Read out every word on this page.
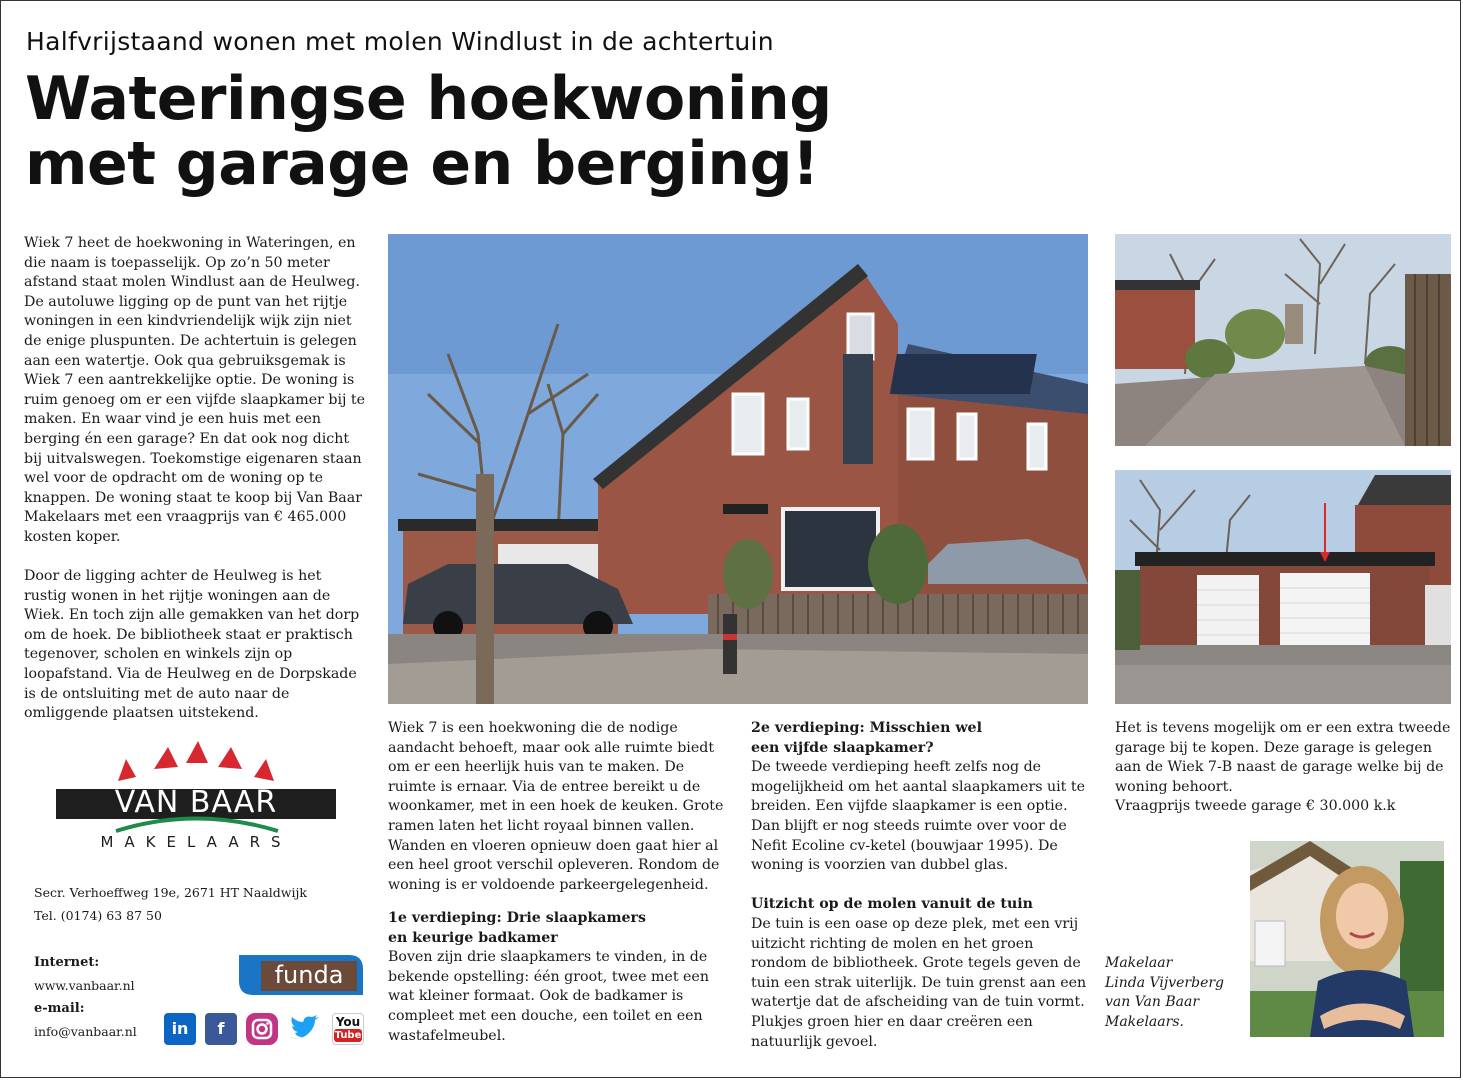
Halfvrijstaand wonen met molen Windlust in de achtertuin
Wateringse hoekwoning
met garage en berging!

Wiek 7 heet de hoekwoning in Wateringen, en die naam is toepasselijk. Op zo’n 50 meter afstand staat molen Windlust aan de Heulweg. De autoluwe ligging op de punt van het rijtje woningen in een kindvriendelijk wijk zijn niet de enige pluspunten. De achtertuin is gelegen aan een watertje. Ook qua gebruiksgemak is Wiek 7 een aantrekkelijke optie. De woning is ruim genoeg om er een vijfde slaapkamer bij te maken. En waar vind je een huis met een berging én een garage? En dat ook nog dicht bij uitvalswegen. Toekomstige eigenaren staan wel voor de opdracht om de woning op te knappen. De woning staat te koop bij Van Baar Makelaars met een vraagprijs van € 465.000 kosten koper.

Door de ligging achter de Heulweg is het rustig wonen in het rijtje woningen aan de Wiek. En toch zijn alle gemakken van het dorp om de hoek. De bibliotheek staat er praktisch tegenover, scholen en winkels zijn op loopafstand. Via de Heulweg en de Dorpskade is de ontsluiting met de auto naar de omliggende plaatsen uitstekend.

Wiek 7 is een hoekwoning die de nodige aandacht behoeft, maar ook alle ruimte biedt om er een heerlijk huis van te maken. De ruimte is ernaar. Via de entree bereikt u de woonkamer, met in een hoek de keuken. Grote ramen laten het licht royaal binnen vallen. Wanden en vloeren opnieuw doen gaat hier al een heel groot verschil opleveren. Rondom de woning is er voldoende parkeergelegenheid.

1e verdieping: Drie slaapkamers
en keurige badkamer

Boven zijn drie slaapkamers te vinden, in de bekende opstelling: één groot, twee met een wat kleiner formaat. Ook de badkamer is compleet met een douche, een toilet en een wastafelmeubel.

2e verdieping: Misschien wel
een vijfde slaapkamer?

De tweede verdieping heeft zelfs nog de mogelijkheid om het aantal slaapkamers uit te breiden. Een vijfde slaapkamer is een optie. Dan blijft er nog steeds ruimte over voor de Nefit Ecoline cv-ketel (bouwjaar 1995). De woning is voorzien van dubbel glas.

Uitzicht op de molen vanuit de tuin

De tuin is een oase op deze plek, met een vrij uitzicht richting de molen en het groen rondom de bibliotheek. Grote tegels geven de tuin een strak uiterlijk. De tuin grenst aan een watertje dat de afscheiding van de tuin vormt. Plukjes groen hier en daar creëren een natuurlijk gevoel.

Het is tevens mogelijk om er een extra tweede garage bij te kopen. Deze garage is gelegen aan de Wiek 7-B naast de garage welke bij de woning behoort.
Vraagprijs tweede garage € 30.000 k.k
Makelaar
Linda Vijverberg
van Van Baar
Makelaars.
VAN BAAR
MAKELAARS
Secr. Verhoeffweg 19e, 2671 HT Naaldwijk
Tel. (0174) 63 87 50
Internet:
www.vanbaar.nl
e-mail:
info@vanbaar.nl
funda
in f	You
Tube
